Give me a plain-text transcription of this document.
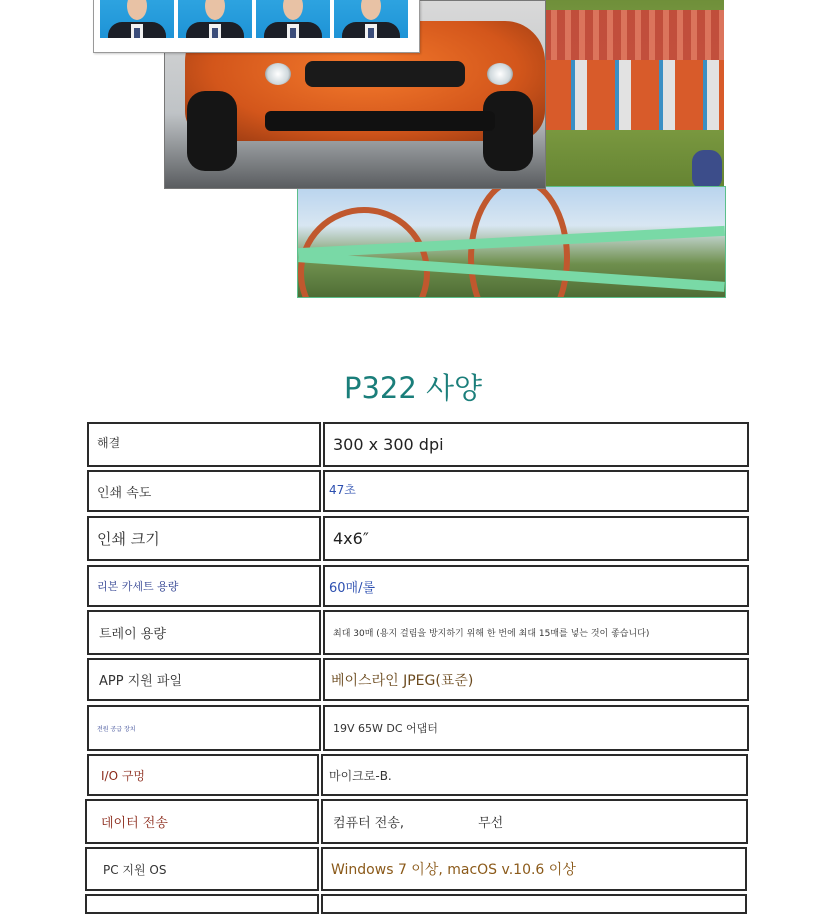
P322 사양
해결	300 x 300 dpi
인쇄 속도	47초
인쇄 크기	4x6″
리본 카세트 용량	60매/롤
트레이 용량	최대 30매 (용지 걸림을 방지하기 위해 한 번에 최대 15매를 넣는 것이 좋습니다)
APP 지원 파일	베이스라인 JPEG(표준)
전원 공급 장치	19V 65W DC 어댑터
I/O 구멍	마이크로-B.
데이터 전송	컴퓨터 전송,	무선
PC 지원 OS	Windows 7 이상, macOS v.10.6 이상
